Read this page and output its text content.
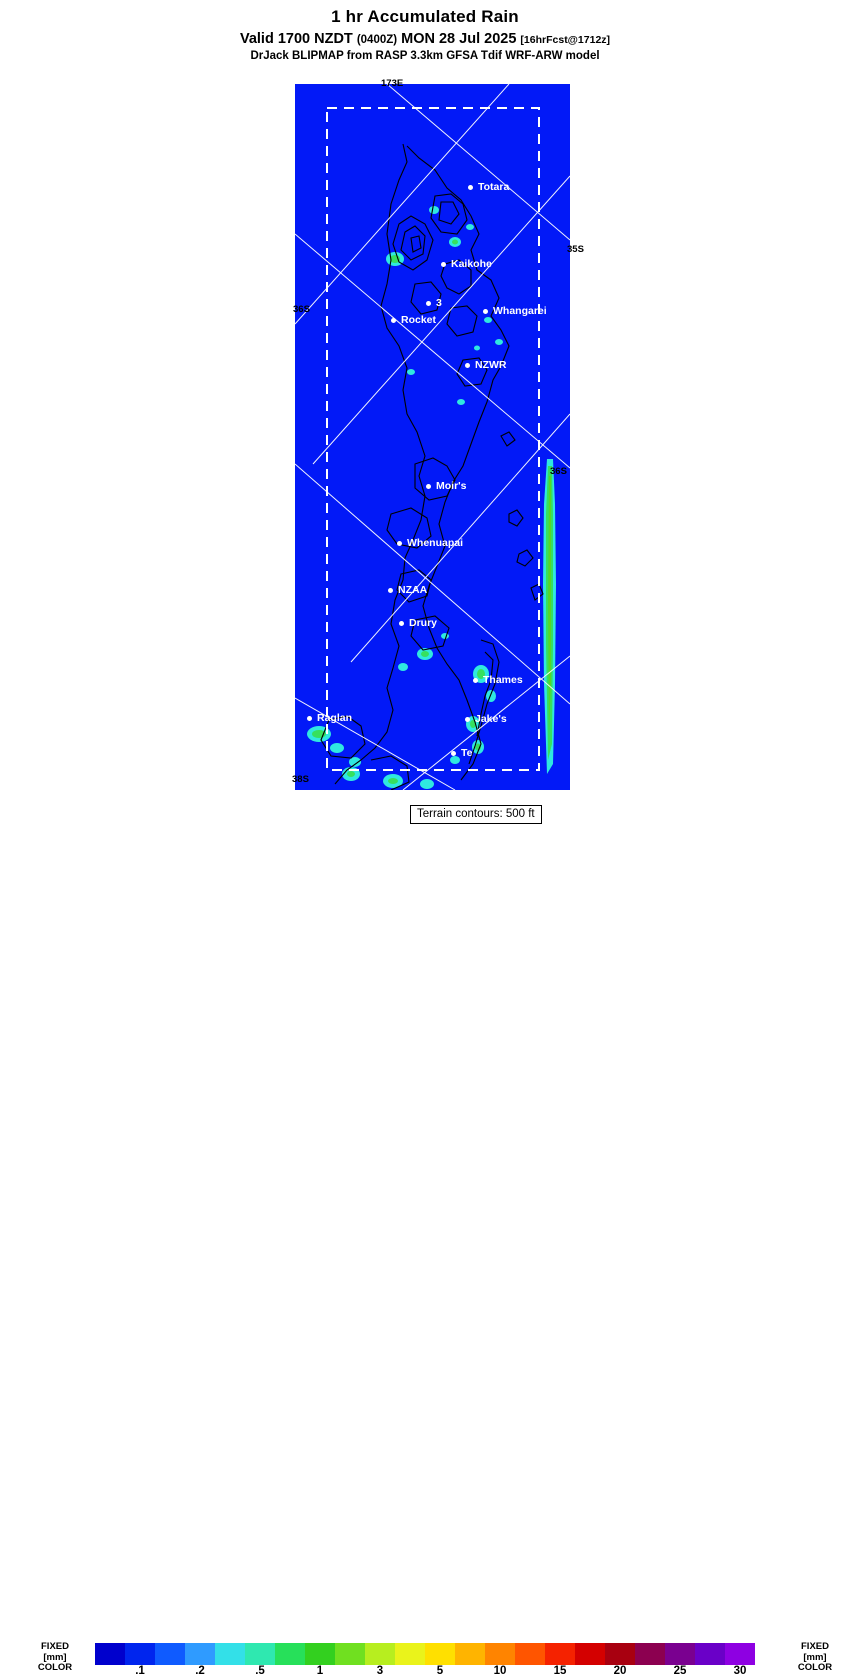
1 hr Accumulated Rain
Valid 1700 NZDT (0400Z) MON 28 Jul 2025 [16hrFcst@1712z]
DrJack BLIPMAP from RASP 3.3km GFSA Tdif WRF-ARW model
Totara
Kaikohe
3
Rocket
Whangarei
NZWR
Moir's
Whenuapai
NZAA
Drury
Thames
Jake's
Raglan
Te
173E
35S
36S
36S
38S
Terrain contours: 500 ft
FIXED
[mm]
COLOR
FIXED
[mm]
COLOR
.1	.2	.5	1	3	5	10	15	20	25	30
